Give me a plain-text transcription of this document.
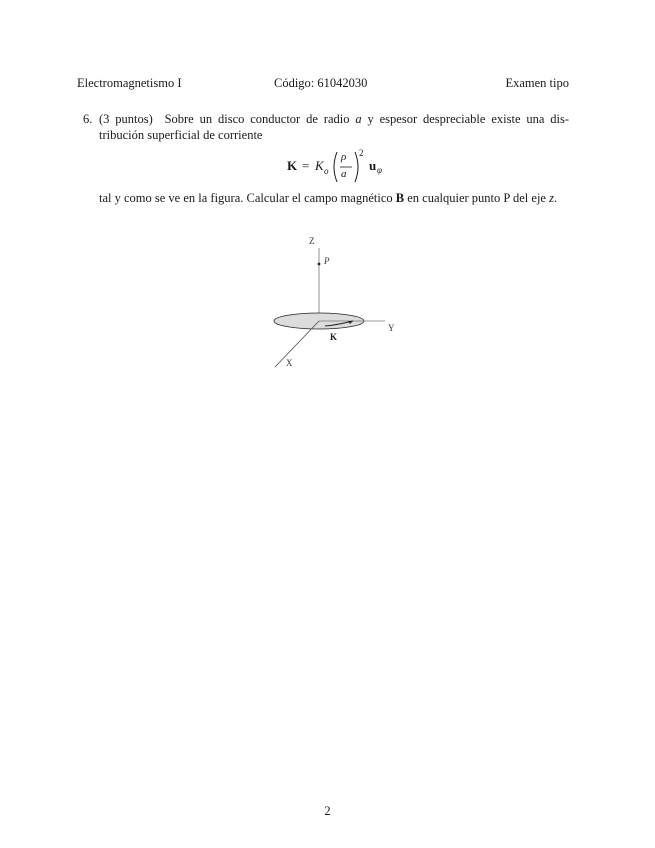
Electromagnetismo I	Código: 61042030	Examen tipo
6. (3 puntos) Sobre un disco conductor de radio a y espesor despreciable existe una dis-tribución superficial de corriente
K = K o
ρ
a
2
u φ
tal y como se ve en la figura. Calcular el campo magnético B en cualquier punto P del eje z.
Z
P
Y
X
K
2
